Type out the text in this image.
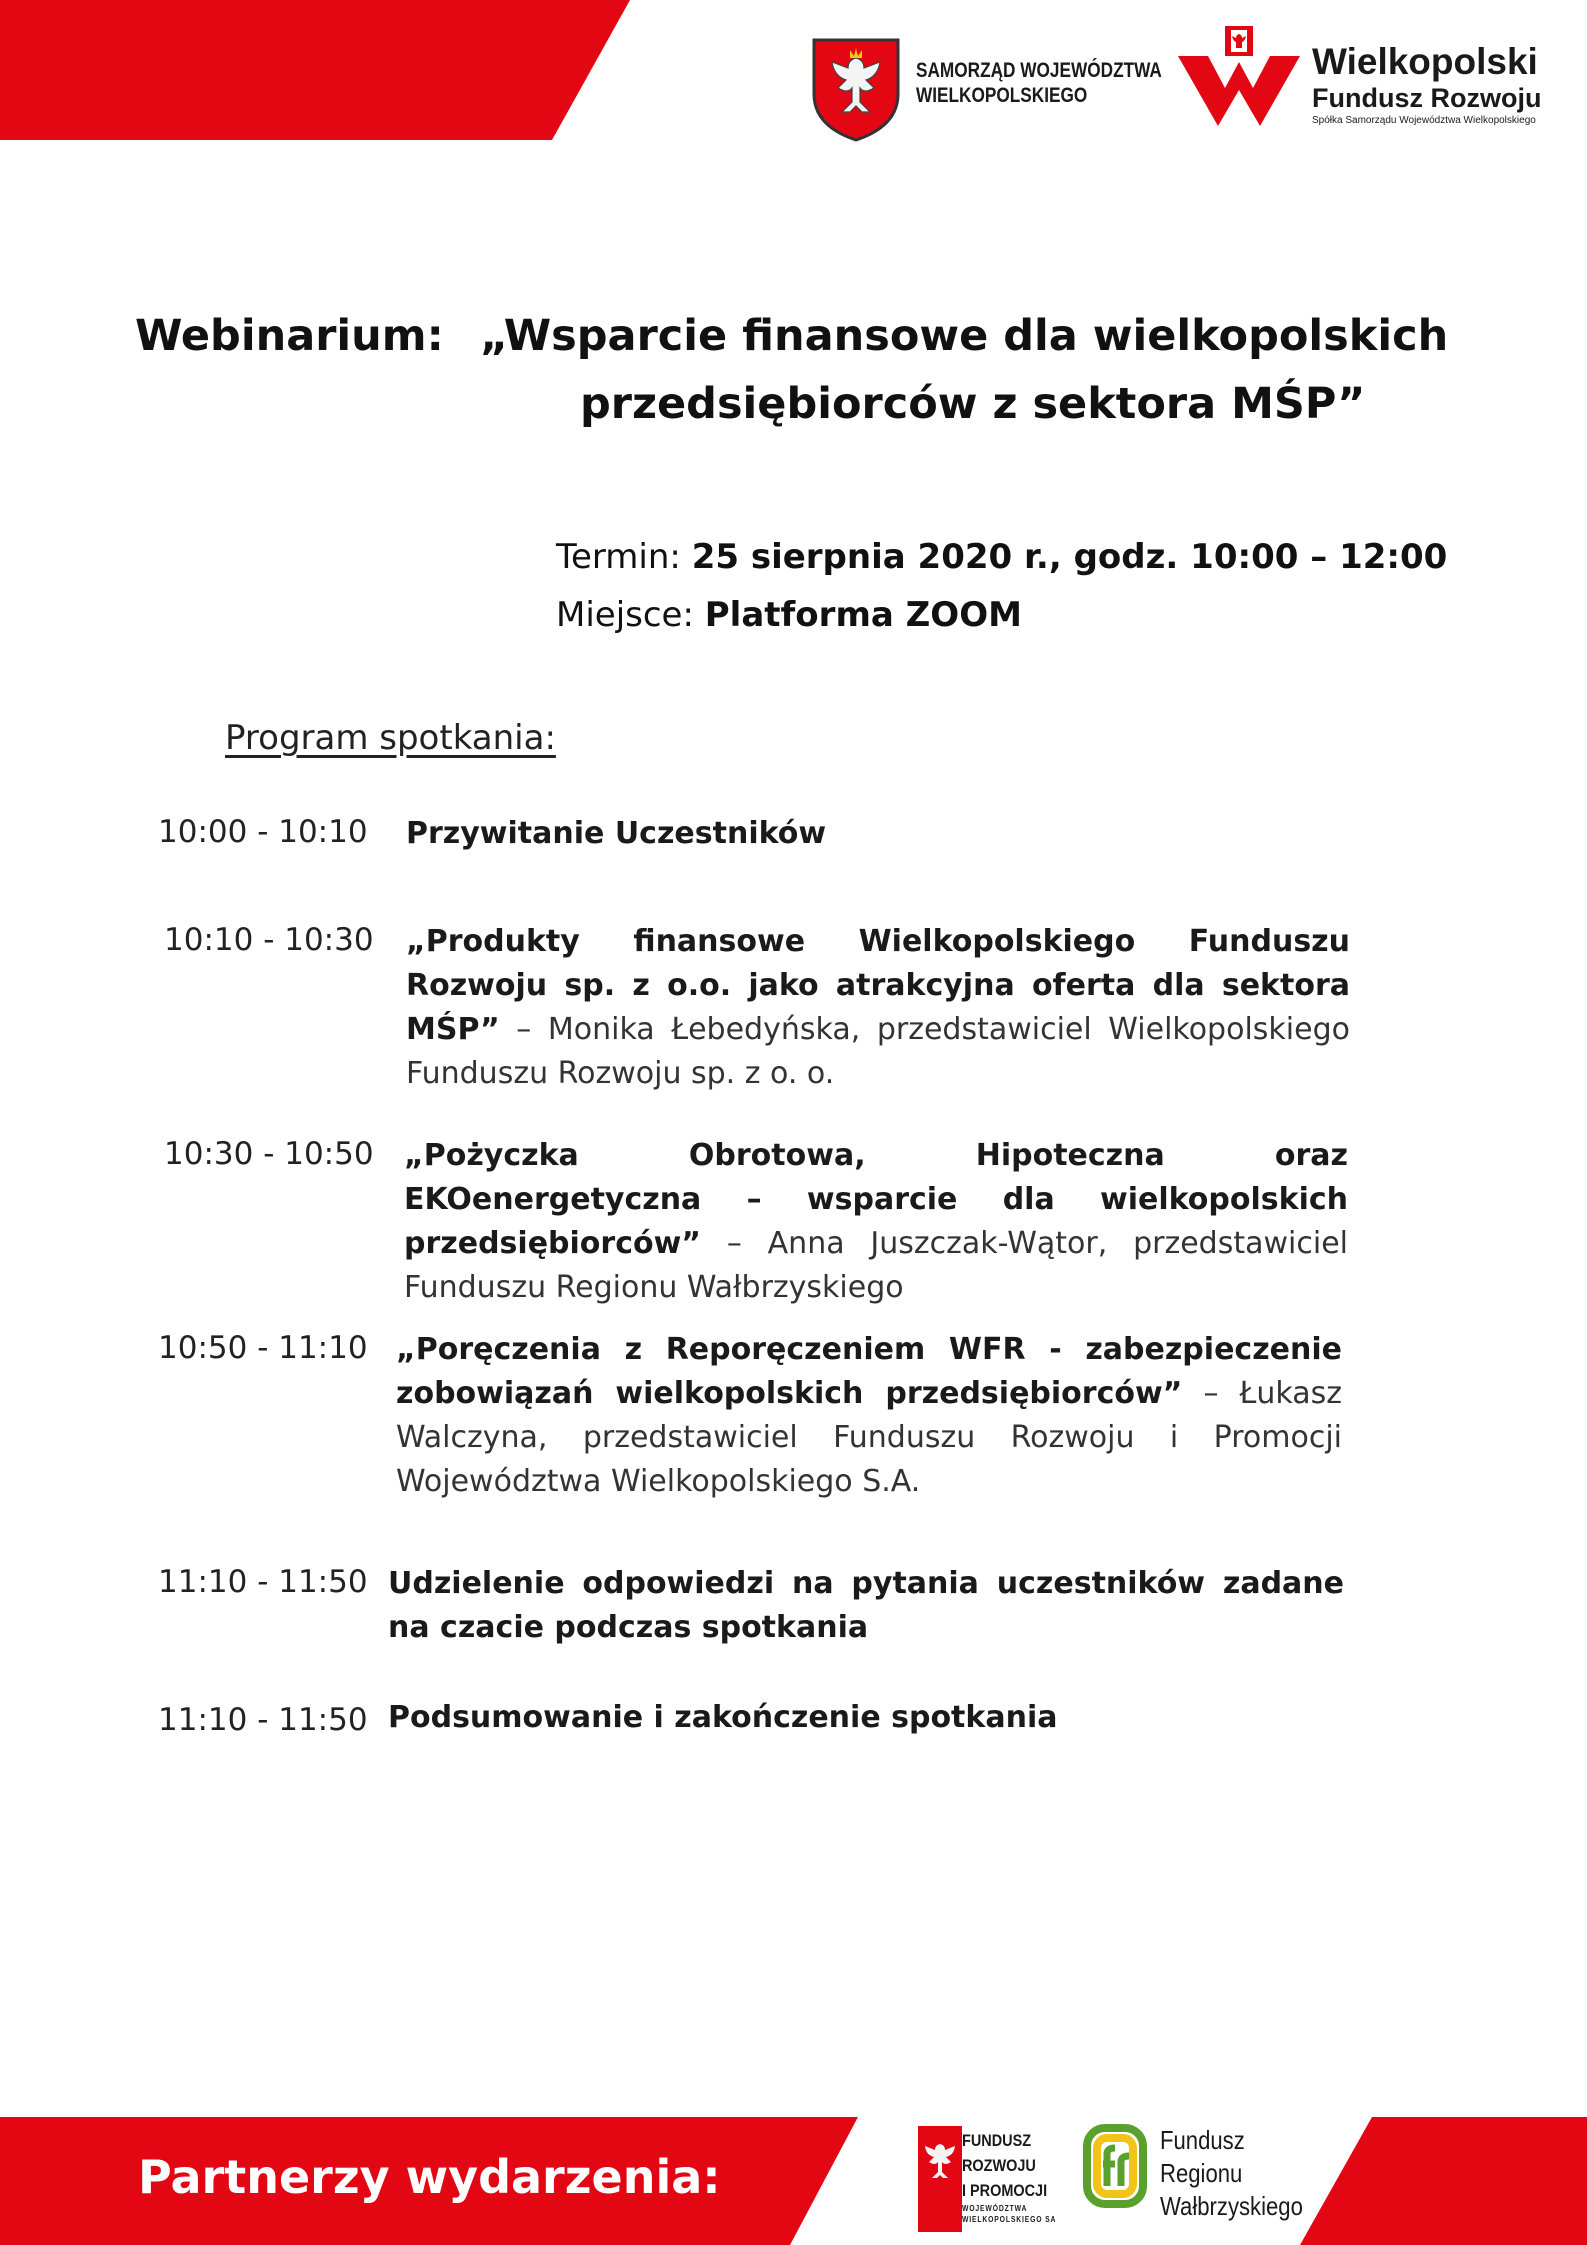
SAMORZĄD WOJEWÓDZTWA
WIELKOPOLSKIEGO
Wielkopolski
Fundusz Rozwoju
Spółka Samorządu Województwa Wielkopolskiego
Webinarium: „Wsparcie finansowe dla wielkopolskich
przedsiębiorców z sektora MŚP”
Termin: 25 sierpnia 2020 r., godz. 10:00 – 12:00
Miejsce: Platforma ZOOM
Program spotkania:
10:00 - 10:10 Przywitanie Uczestników
10:10 - 10:30 „Produkty finansowe Wielkopolskiego Funduszu Rozwoju sp. z o.o. jako atrakcyjna oferta dla sektora MŚP” – Monika Łebedyńska, przedstawiciel Wielkopolskiego Funduszu Rozwoju sp. z o. o.
10:30 - 10:50 „Pożyczka Obrotowa, Hipoteczna oraz EKOenergetyczna – wsparcie dla wielkopolskich przedsiębiorców” – Anna Juszczak-Wątor, przedstawiciel Funduszu Regionu Wałbrzyskiego
10:50 - 11:10 „Poręczenia z Reporęczeniem WFR - zabezpieczenie zobowiązań wielkopolskich przedsiębiorców” – Łukasz Walczyna, przedstawiciel Funduszu Rozwoju i Promocji Województwa Wielkopolskiego S.A.
11:10 - 11:50 Udzielenie odpowiedzi na pytania uczestników zadane na czacie podczas spotkania
11:10 - 11:50 Podsumowanie i zakończenie spotkania
Partnerzy wydarzenia:
FUNDUSZ
ROZWOJU
I PROMOCJI
WOJEWÓDZTWA
WIELKOPOLSKIEGO SA
Fundusz
Regionu
Wałbrzyskiego
